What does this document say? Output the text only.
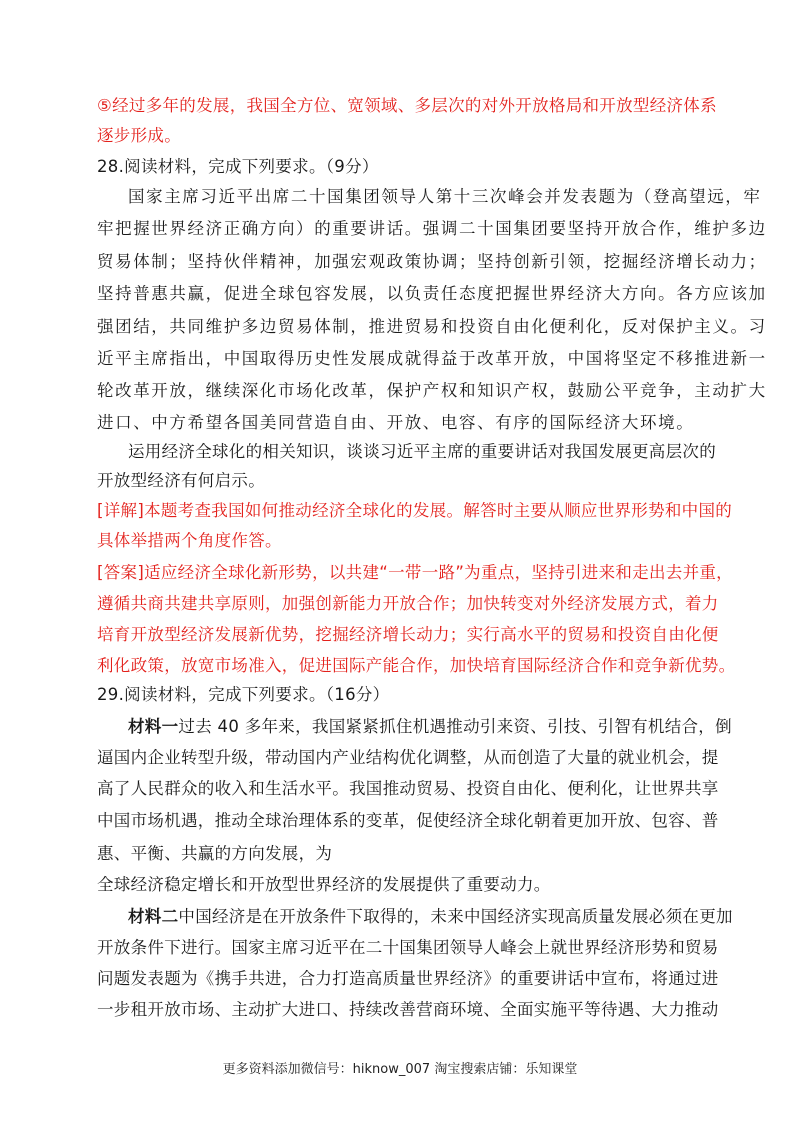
⑤经过多年的发展，我国全方位、宽领域、多层次的对外开放格局和开放型经济体系
逐步形成。
28.阅读材料，完成下列要求。（9分）
国家主席习近平出席二十国集团领导人第十三次峰会并发表题为（登高望远，牢
牢把握世界经济正确方向）的重要讲话。强调二十国集团要坚持开放合作，维护多边
贸易体制；坚持伙伴精神，加强宏观政策协调；坚持创新引领，挖掘经济增长动力；
坚持普惠共赢，促进全球包容发展，以负责任态度把握世界经济大方向。各方应该加
强团结，共同维护多边贸易体制，推进贸易和投资自由化便利化，反对保护主义。习
近平主席指出，中国取得历史性发展成就得益于改革开放，中国将坚定不移推进新一
轮改革开放，继续深化市场化改革，保护产权和知识产权，鼓励公平竞争，主动扩大
进口、中方希望各国美同营造自由、开放、电容、有序的国际经济大环境。
运用经济全球化的相关知识，谈谈习近平主席的重要讲话对我国发展更高层次的
开放型经济有何启示。
[详解]本题考查我国如何推动经济全球化的发展。解答时主要从顺应世界形势和中国的
具体举措两个角度作答。
[答案]适应经济全球化新形势，以共建“一带一路”为重点，坚持引进来和走出去并重，
遵循共商共建共享原则，加强创新能力开放合作；加快转变对外经济发展方式，着力
培育开放型经济发展新优势，挖掘经济增长动力；实行高水平的贸易和投资自由化便
利化政策，放宽市场准入，促进国际产能合作，加快培育国际经济合作和竞争新优势。
29.阅读材料，完成下列要求。（16分）
材料一过去 40 多年来，我国紧紧抓住机遇推动引来资、引技、引智有机结合，倒
逼国内企业转型升级，带动国内产业结构优化调整，从而创造了大量的就业机会，提
高了人民群众的收入和生活水平。我国推动贸易、投资自由化、便利化，让世界共享
中国市场机遇，推动全球治理体系的变革，促使经济全球化朝着更加开放、包容、普
惠、平衡、共赢的方向发展，为
全球经济稳定增长和开放型世界经济的发展提供了重要动力。
材料二中国经济是在开放条件下取得的，未来中国经济实现高质量发展必须在更加
开放条件下进行。国家主席习近平在二十国集团领导人峰会上就世界经济形势和贸易
问题发表题为《携手共进，合力打造高质量世界经济》的重要讲话中宣布，将通过进
一步租开放市场、主动扩大进口、持续改善营商环境、全面实施平等待遇、大力推动
更多资料添加微信号：hiknow_007 淘宝搜索店铺：乐知课堂
